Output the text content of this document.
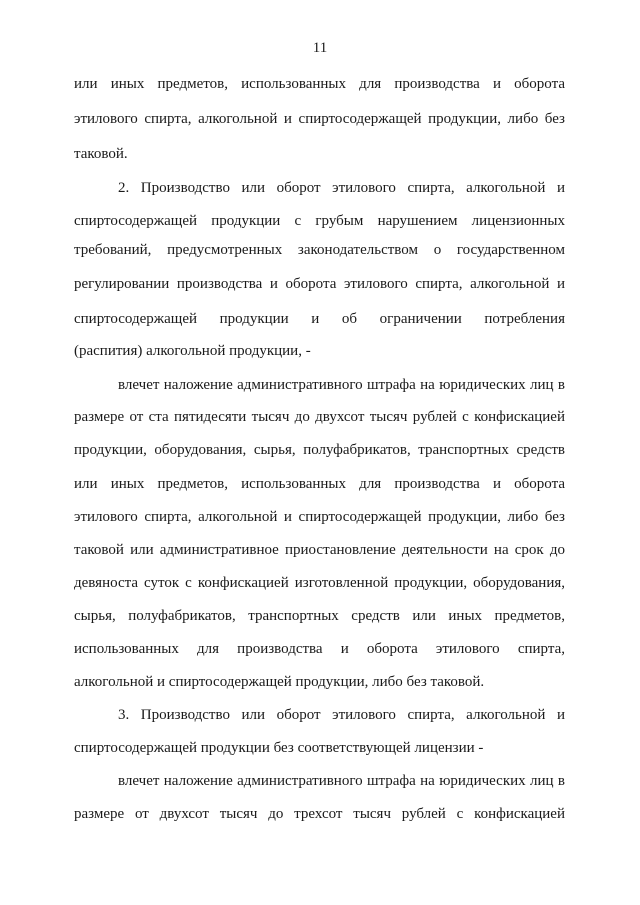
11
или иных предметов, использованных для производства и оборота
этилового спирта, алкогольной и спиртосодержащей продукции, либо без
таковой.
2. Производство или оборот этилового спирта, алкогольной и
спиртосодержащей продукции с грубым нарушением лицензионных
требований, предусмотренных законодательством о государственном
регулировании производства и оборота этилового спирта, алкогольной и
спиртосодержащей продукции и об ограничении потребления
(распития) алкогольной продукции, -
влечет наложение административного штрафа на юридических лиц в
размере от ста пятидесяти тысяч до двухсот тысяч рублей с конфискацией
продукции, оборудования, сырья, полуфабрикатов, транспортных средств
или иных предметов, использованных для производства и оборота
этилового спирта, алкогольной и спиртосодержащей продукции, либо без
таковой или административное приостановление деятельности на срок до
девяноста суток с конфискацией изготовленной продукции, оборудования,
сырья, полуфабрикатов, транспортных средств или иных предметов,
использованных для производства и оборота этилового спирта,
алкогольной и спиртосодержащей продукции, либо без таковой.
3. Производство или оборот этилового спирта, алкогольной и
спиртосодержащей продукции без соответствующей лицензии -
влечет наложение административного штрафа на юридических лиц в
размере от двухсот тысяч до трехсот тысяч рублей с конфискацией
